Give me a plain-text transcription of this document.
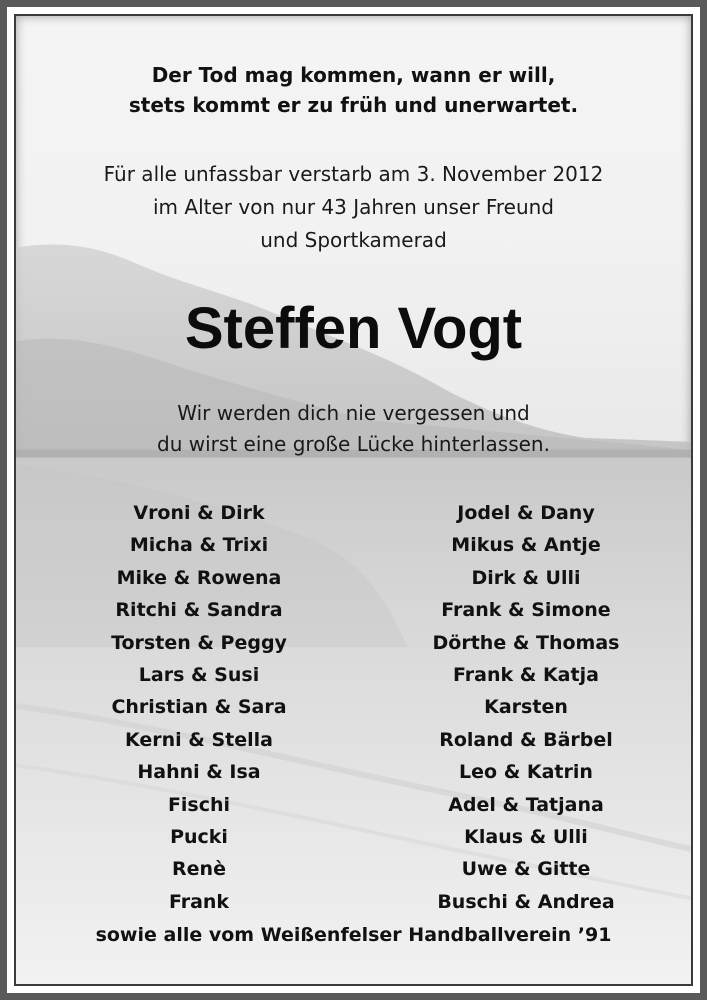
Der Tod mag kommen, wann er will,
stets kommt er zu früh und unerwartet.
Für alle unfassbar verstarb am 3. November 2012
im Alter von nur 43 Jahren unser Freund
und Sportkamerad
Steffen Vogt
Wir werden dich nie vergessen und
du wirst eine große Lücke hinterlassen.
Vroni & Dirk
Micha & Trixi
Mike & Rowena
Ritchi & Sandra
Torsten & Peggy
Lars & Susi
Christian & Sara
Kerni & Stella
Hahni & Isa
Fischi
Pucki
Renè
Frank
Jodel & Dany
Mikus & Antje
Dirk & Ulli
Frank & Simone
Dörthe & Thomas
Frank & Katja
Karsten
Roland & Bärbel
Leo & Katrin
Adel & Tatjana
Klaus & Ulli
Uwe & Gitte
Buschi & Andrea
sowie alle vom Weißenfelser Handballverein ’91
